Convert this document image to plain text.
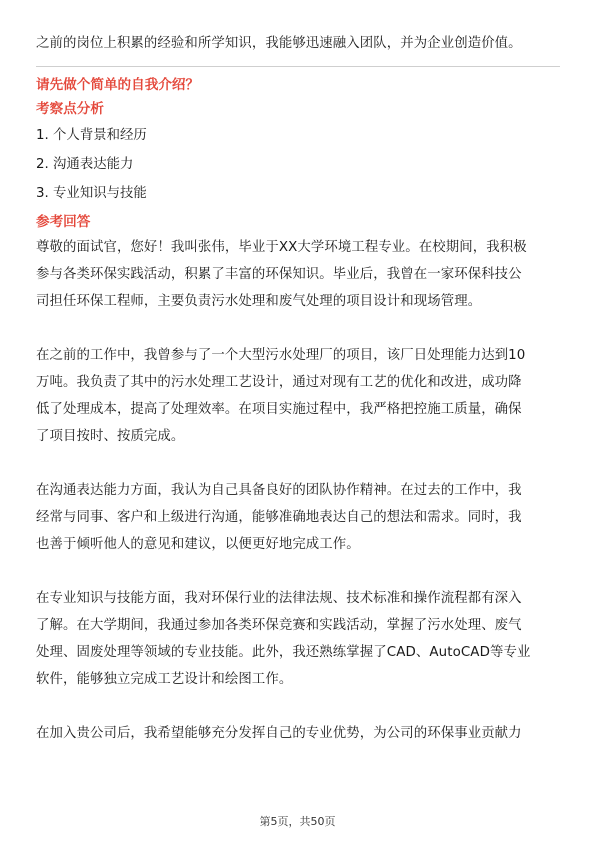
之前的岗位上积累的经验和所学知识，我能够迅速融入团队，并为企业创造价值。

请先做个简单的自我介绍？

考察点分析

1. 个人背景和经历
2. 沟通表达能力
3. 专业知识与技能

参考回答

尊敬的面试官，您好！我叫张伟，毕业于XX大学环境工程专业。在校期间，我积极
参与各类环保实践活动，积累了丰富的环保知识。毕业后，我曾在一家环保科技公
司担任环保工程师，主要负责污水处理和废气处理的项目设计和现场管理。
在之前的工作中，我曾参与了一个大型污水处理厂的项目，该厂日处理能力达到10
万吨。我负责了其中的污水处理工艺设计，通过对现有工艺的优化和改进，成功降
低了处理成本，提高了处理效率。在项目实施过程中，我严格把控施工质量，确保
了项目按时、按质完成。
在沟通表达能力方面，我认为自己具备良好的团队协作精神。在过去的工作中，我
经常与同事、客户和上级进行沟通，能够准确地表达自己的想法和需求。同时，我
也善于倾听他人的意见和建议，以便更好地完成工作。
在专业知识与技能方面，我对环保行业的法律法规、技术标准和操作流程都有深入
了解。在大学期间，我通过参加各类环保竞赛和实践活动，掌握了污水处理、废气
处理、固废处理等领域的专业技能。此外，我还熟练掌握了CAD、AutoCAD等专业
软件，能够独立完成工艺设计和绘图工作。
在加入贵公司后，我希望能够充分发挥自己的专业优势，为公司的环保事业贡献力
第5页，共50页
